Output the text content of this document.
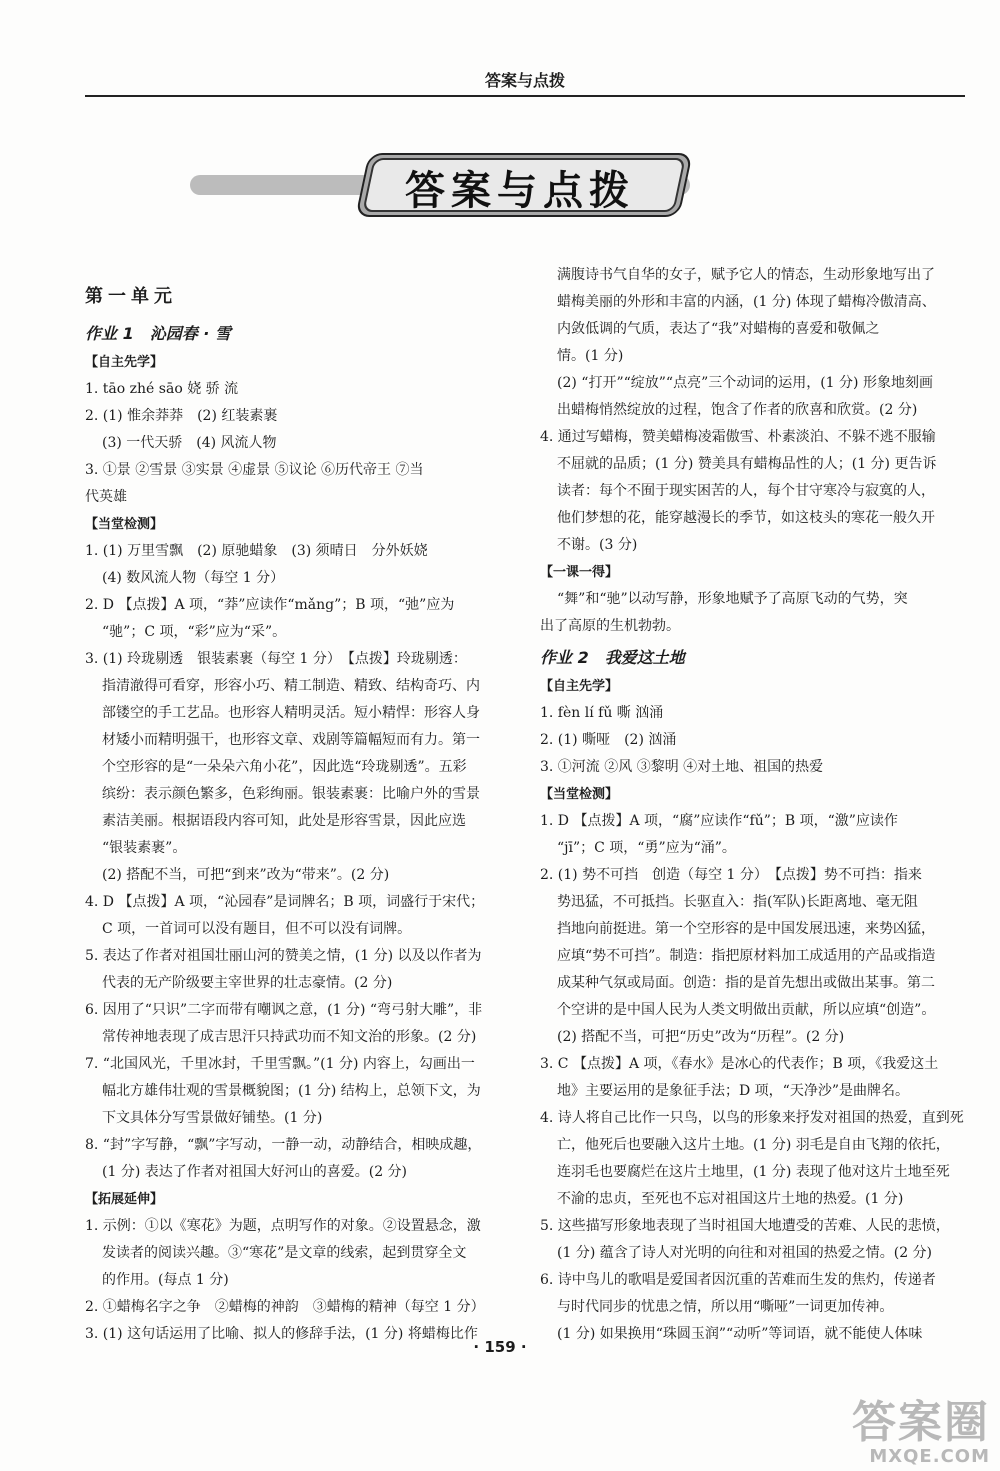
答案与点拨
答案与点拨
第一单元
作业 1　沁园春 · 雪
【自主先学】
1. tāo zhé sāo 娆 骄 流
2. (1) 惟余莽莽　(2) 红装素裹
(3) 一代天骄　(4) 风流人物
3. ①景 ②雪景 ③实景 ④虚景 ⑤议论 ⑥历代帝王 ⑦当
代英雄
【当堂检测】
1. (1) 万里雪飘　(2) 原驰蜡象　(3) 须晴日　分外妖娆
(4) 数风流人物（每空 1 分）
2. D 【点拨】A 项，“莽”应读作“mǎng”；B 项，“弛”应为
“驰”；C 项，“彩”应为“采”。
3. (1) 玲珑剔透　银装素裹（每空 1 分）　【点拨】玲珑剔透：
指清澈得可看穿，形容小巧、精工制造、精致、结构奇巧、内
部镂空的手工艺品。也形容人精明灵活。短小精悍：形容人身
材矮小而精明强干，也形容文章、戏剧等篇幅短而有力。第一
个空形容的是“一朵朵六角小花”，因此选“玲珑剔透”。五彩
缤纷：表示颜色繁多，色彩绚丽。银装素裹：比喻户外的雪景
素洁美丽。根据语段内容可知，此处是形容雪景，因此应选
“银装素裹”。
(2) 搭配不当，可把“到来”改为“带来”。(2 分)
4. D 【点拨】A 项，“沁园春”是词牌名；B 项，词盛行于宋代；
C 项，一首词可以没有题目，但不可以没有词牌。
5. 表达了作者对祖国壮丽山河的赞美之情，(1 分) 以及以作者为
代表的无产阶级要主宰世界的壮志豪情。(2 分)
6. 因用了“只识”二字而带有嘲讽之意，(1 分) “弯弓射大雕”，非
常传神地表现了成吉思汗只持武功而不知文治的形象。(2 分)
7. “北国风光，千里冰封，千里雪飘。”(1 分) 内容上，勾画出一
幅北方雄伟壮观的雪景概貌图；(1 分) 结构上，总领下文，为
下文具体分写雪景做好铺垫。(1 分)
8. “封”字写静，“飘”字写动，一静一动，动静结合，相映成趣，
(1 分) 表达了作者对祖国大好河山的喜爱。(2 分)
【拓展延伸】
1. 示例：①以《寒花》为题，点明写作的对象。②设置悬念，激
发读者的阅读兴趣。③“寒花”是文章的线索，起到贯穿全文
的作用。(每点 1 分)
2. ①蜡梅名字之争　②蜡梅的神韵　③蜡梅的精神（每空 1 分）
3. (1) 这句话运用了比喻、拟人的修辞手法，(1 分) 将蜡梅比作
满腹诗书气自华的女子，赋予它人的情态，生动形象地写出了
蜡梅美丽的外形和丰富的内涵，(1 分) 体现了蜡梅冷傲清高、
内敛低调的气质，表达了“我”对蜡梅的喜爱和敬佩之
情。(1 分)
(2) “打开”“绽放”“点亮”三个动词的运用，(1 分) 形象地刻画
出蜡梅悄然绽放的过程，饱含了作者的欣喜和欣赏。(2 分)
4. 通过写蜡梅，赞美蜡梅凌霜傲雪、朴素淡泊、不躲不逃不服输
不屈就的品质；(1 分) 赞美具有蜡梅品性的人；(1 分) 更告诉
读者：每个不囿于现实困苦的人，每个甘守寒冷与寂寞的人，
他们梦想的花，能穿越漫长的季节，如这枝头的寒花一般久开
不谢。(3 分)
【一课一得】
“舞”和“驰”以动写静，形象地赋予了高原飞动的气势，突
出了高原的生机勃勃。
作业 2　我爱这土地
【自主先学】
1. fèn lí fǔ 嘶 汹涌
2. (1) 嘶哑　(2) 汹涌
3. ①河流 ②风 ③黎明 ④对土地、祖国的热爱
【当堂检测】
1. D 【点拨】A 项，“腐”应读作“fǔ”；B 项，“激”应读作
“jī”；C 项，“勇”应为“涌”。
2. (1) 势不可挡　创造（每空 1 分）　【点拨】势不可挡：指来
势迅猛，不可抵挡。长驱直入：指(军队)长距离地、毫无阻
挡地向前挺进。第一个空形容的是中国发展迅速，来势凶猛，
应填“势不可挡”。制造：指把原材料加工成适用的产品或指造
成某种气氛或局面。创造：指的是首先想出或做出某事。第二
个空讲的是中国人民为人类文明做出贡献，所以应填“创造”。
(2) 搭配不当，可把“历史”改为“历程”。(2 分)
3. C 【点拨】A 项，《春水》是冰心的代表作；B 项，《我爱这土
地》主要运用的是象征手法；D 项，“天净沙”是曲牌名。
4. 诗人将自己比作一只鸟，以鸟的形象来抒发对祖国的热爱，直到死
亡，他死后也要融入这片土地。(1 分) 羽毛是自由飞翔的依托，
连羽毛也要腐烂在这片土地里，(1 分) 表现了他对这片土地至死
不渝的忠贞，至死也不忘对祖国这片土地的热爱。(1 分)
5. 这些描写形象地表现了当时祖国大地遭受的苦难、人民的悲愤，
(1 分) 蕴含了诗人对光明的向往和对祖国的热爱之情。(2 分)
6. 诗中鸟儿的歌唱是爱国者因沉重的苦难而生发的焦灼，传递者
与时代同步的忧患之情，所以用“嘶哑”一词更加传神。
(1 分) 如果换用“珠圆玉润”“动听”等词语，就不能使人体味
· 159 ·
答案圈
MXQE.COM
